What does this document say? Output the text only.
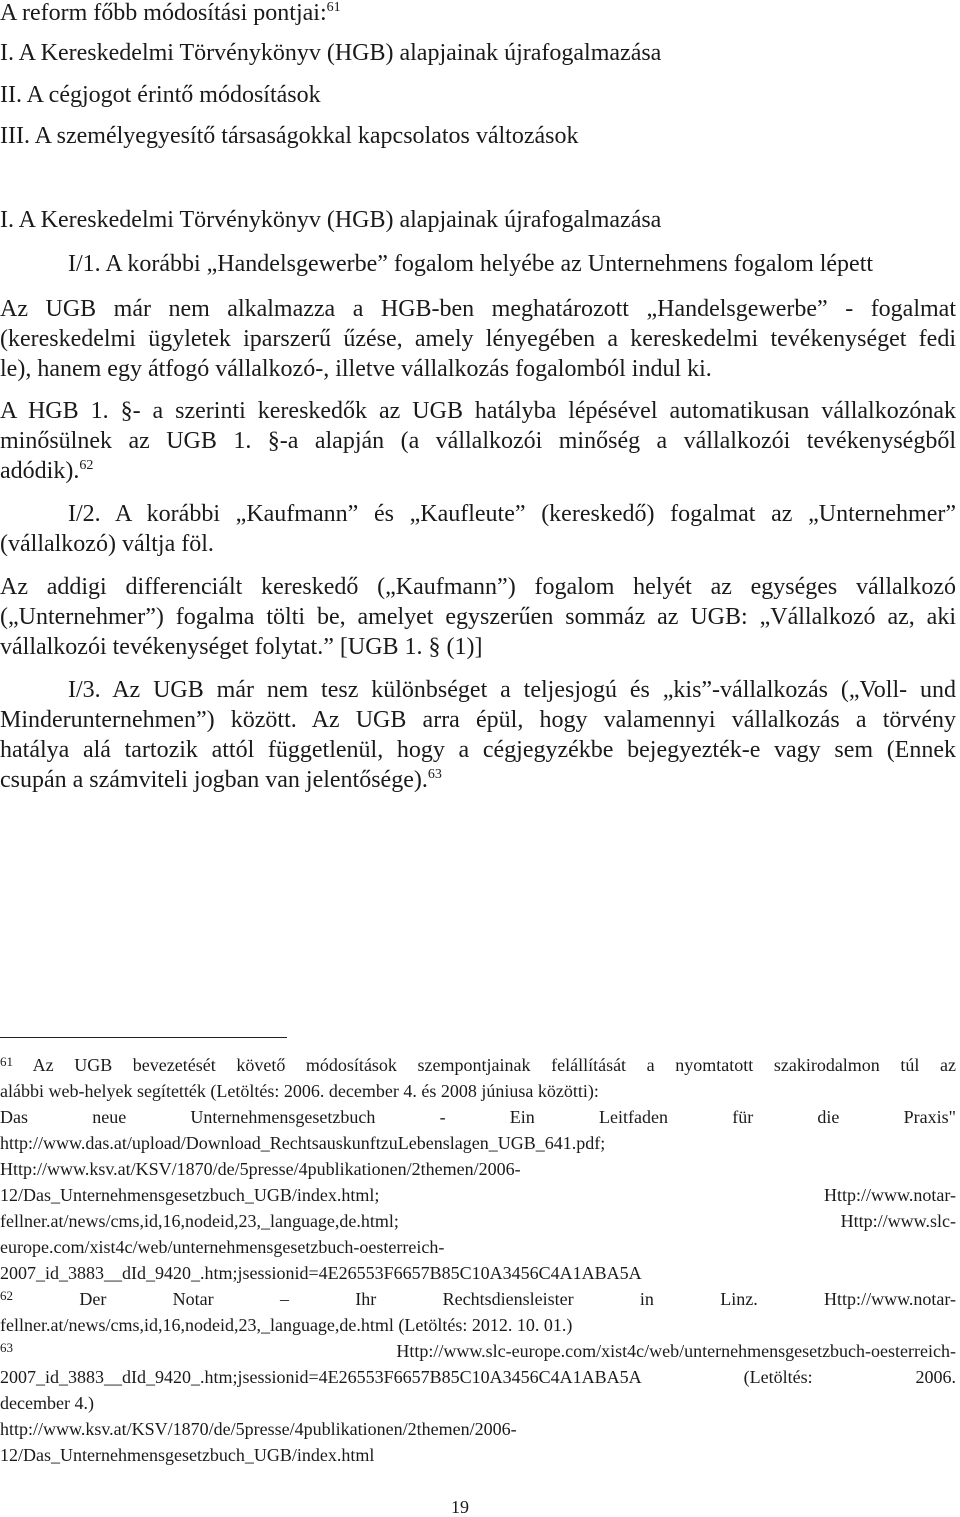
A reform főbb módosítási pontjai:$^{61}$
I. A Kereskedelmi Törvénykönyv (HGB) alapjainak újrafogalmazása
II. A cégjogot érintő módosítások
III. A személyegyesítő társaságokkal kapcsolatos változások
I. A Kereskedelmi Törvénykönyv (HGB) alapjainak újrafogalmazása
I/1. A korábbi „Handelsgewerbe” fogalom helyébe az Unternehmens fogalom lépett
Az UGB már nem alkalmazza a HGB-ben meghatározott „Handelsgewerbe” - fogalmat
(kereskedelmi ügyletek iparszerű űzése, amely lényegében a kereskedelmi tevékenységet fedi
le), hanem egy átfogó vállalkozó-, illetve vállalkozás fogalomból indul ki.
A HGB 1. §- a szerinti kereskedők az UGB hatályba lépésével automatikusan vállalkozónak
minősülnek az UGB 1. §-a alapján (a vállalkozói minőség a vállalkozói tevékenységből
adódik).$^{62}$
I/2. A korábbi „Kaufmann” és „Kaufleute” (kereskedő) fogalmat az „Unternehmer”
(vállalkozó) váltja föl.
Az addigi differenciált kereskedő („Kaufmann”) fogalom helyét az egységes vállalkozó
(„Unternehmer”) fogalma tölti be, amelyet egyszerűen sommáz az UGB: „Vállalkozó az, aki
vállalkozói tevékenységet folytat.” [UGB 1. § (1)]
I/3. Az UGB már nem tesz különbséget a teljesjogú és „kis”-vállalkozás („Voll- und
Minderunternehmen”) között. Az UGB arra épül, hogy valamennyi vállalkozás a törvény
hatálya alá tartozik attól függetlenül, hogy a cégjegyzékbe bejegyezték-e vagy sem (Ennek
csupán a számviteli jogban van jelentősége).$^{63}$
$^{61}$ Az UGB bevezetését követő módosítások szempontjainak felállítását a nyomtatott szakirodalmon túl az
alábbi web-helyek segítették (Letöltés: 2006. december 4. és 2008 júniusa közötti):
Das neue Unternehmensgesetzbuch - Ein Leitfaden für die Praxis"
http://www.das.at/upload/Download_RechtsauskunftzuLebenslagen_UGB_641.pdf;
Http://www.ksv.at/KSV/1870/de/5presse/4publikationen/2themen/2006-
12/Das_Unternehmensgesetzbuch_UGB/index.html; Http://www.notar-
fellner.at/news/cms,id,16,nodeid,23,_language,de.html; Http://www.slc-
europe.com/xist4c/web/unternehmensgesetzbuch-oesterreich-
2007_id_3883__dId_9420_.htm;jsessionid=4E26553F6657B85C10A3456C4A1ABA5A
$^{62}$	Der Notar – Ihr Rechtsdiensleister in Linz. Http://www.notar-
fellner.at/news/cms,id,16,nodeid,23,_language,de.html (Letöltés: 2012. 10. 01.)
$^{63}$	Http://www.slc-europe.com/xist4c/web/unternehmensgesetzbuch-oesterreich-
2007_id_3883__dId_9420_.htm;jsessionid=4E26553F6657B85C10A3456C4A1ABA5A (Letöltés: 2006.
december 4.)
http://www.ksv.at/KSV/1870/de/5presse/4publikationen/2themen/2006-
12/Das_Unternehmensgesetzbuch_UGB/index.html
19
